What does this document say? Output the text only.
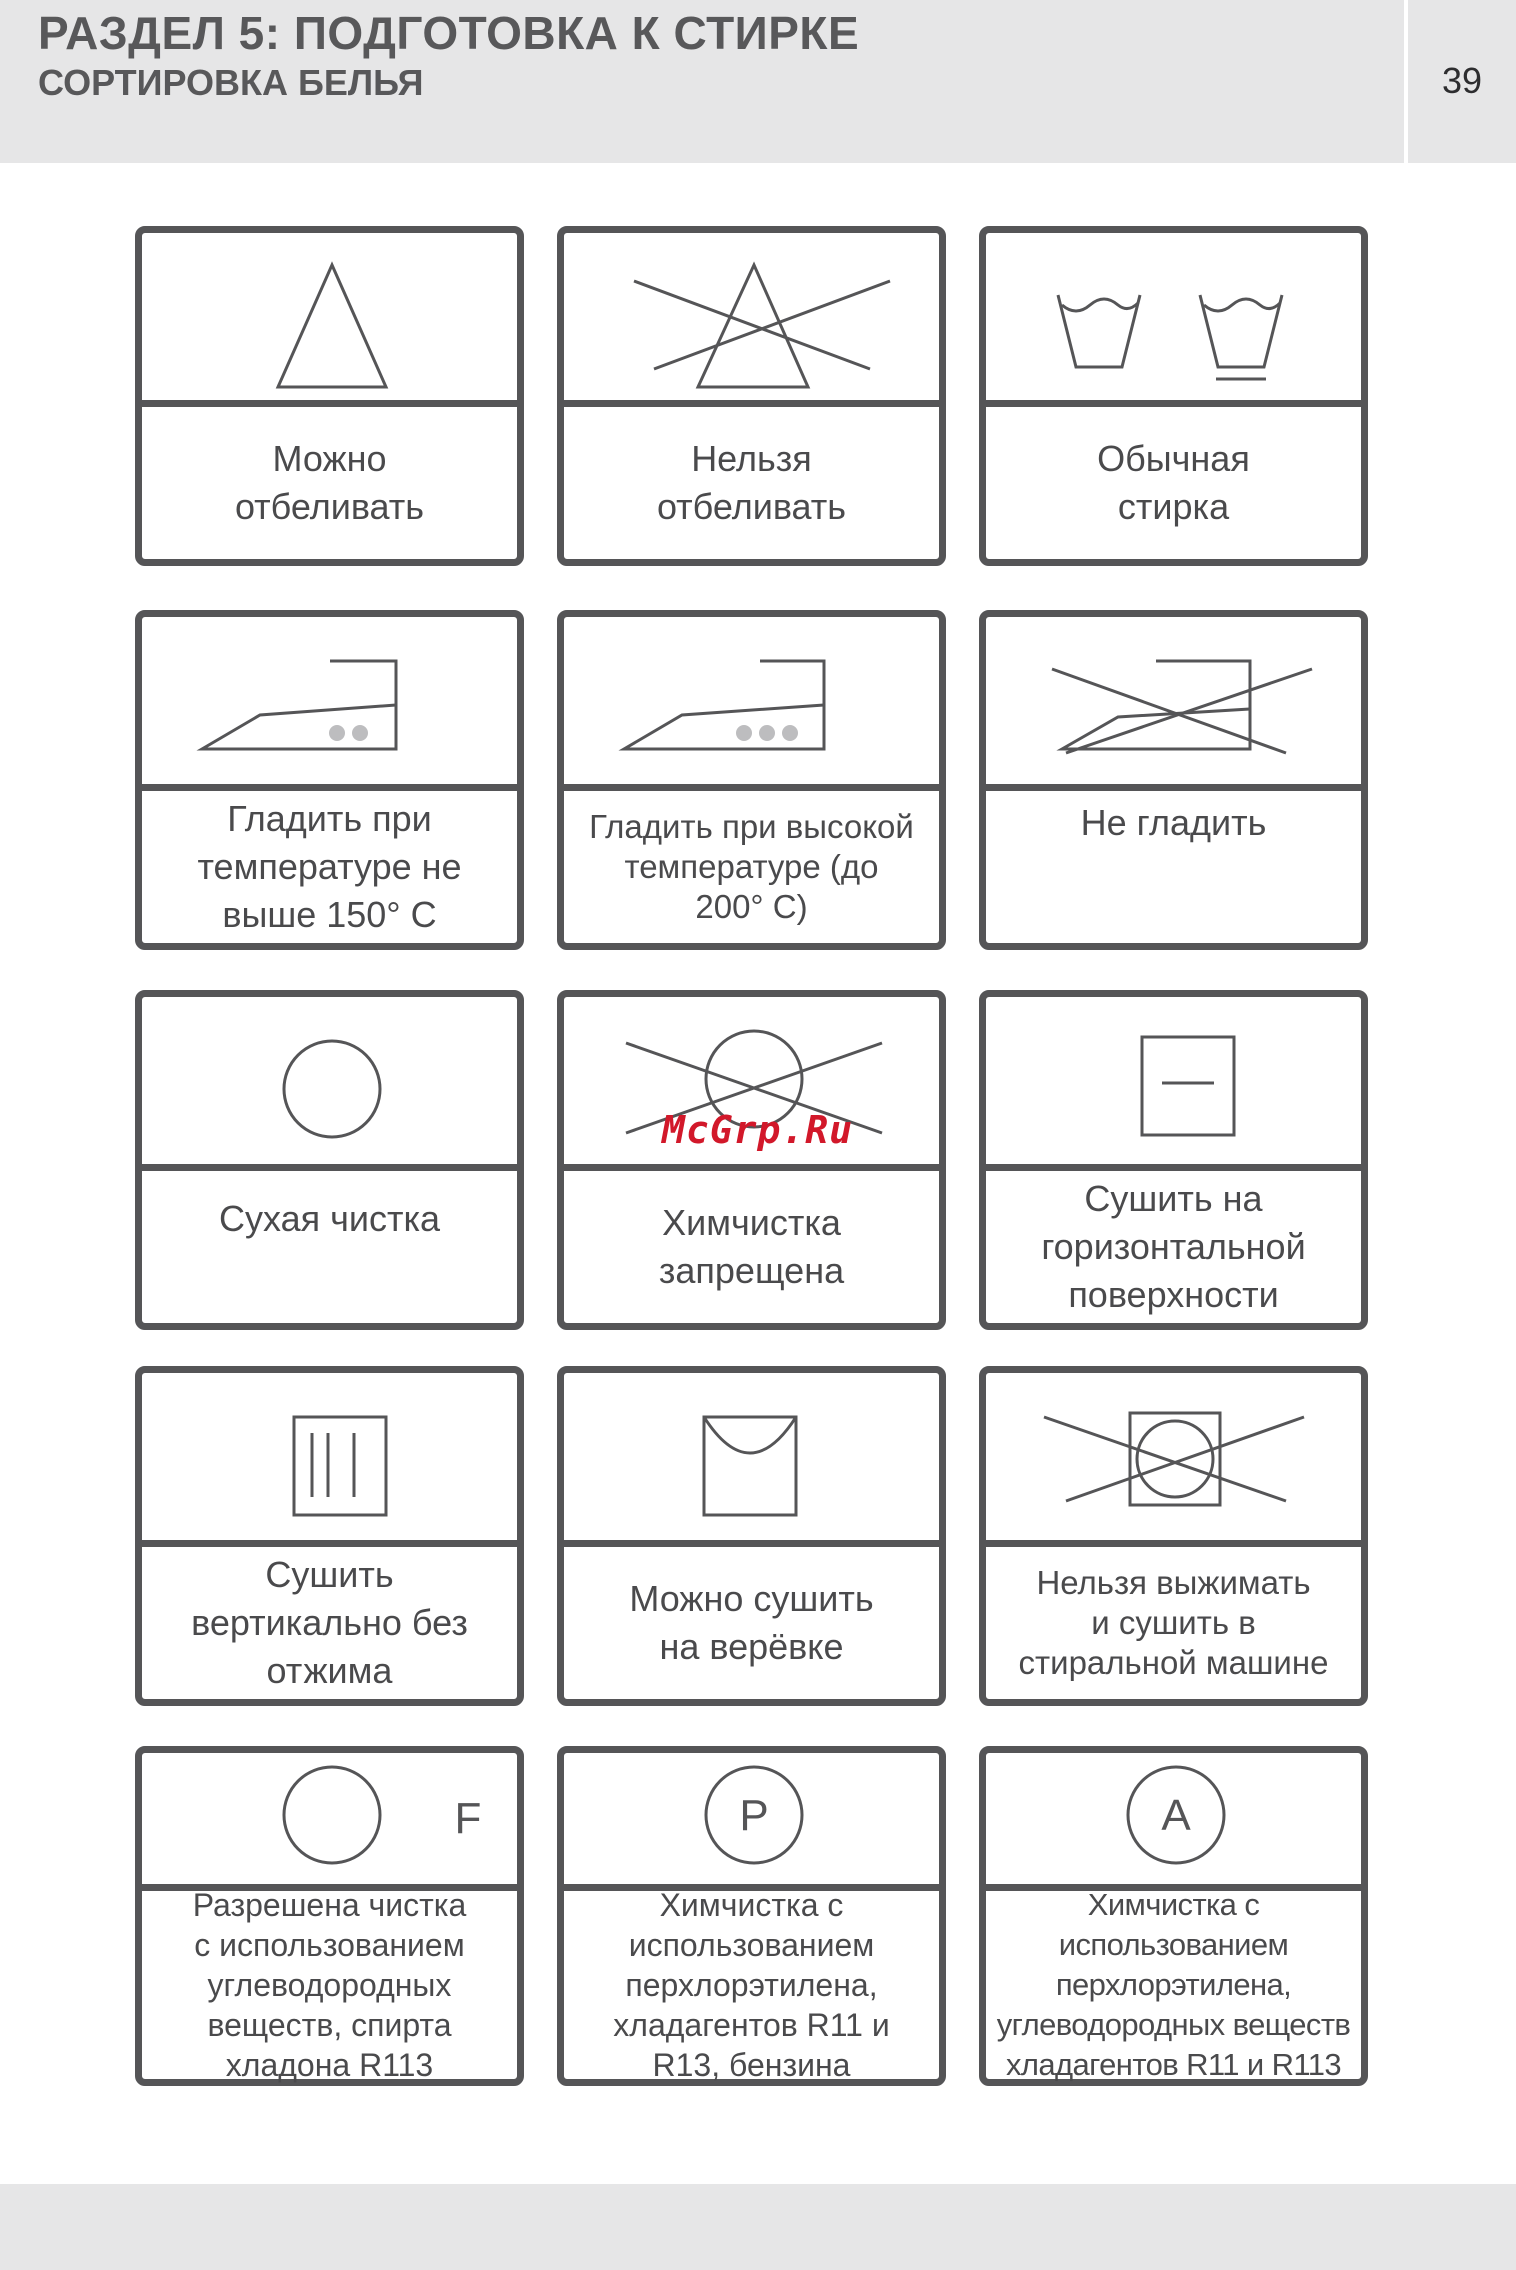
РАЗДЕЛ 5: ПОДГОТОВКА К СТИРКЕ
СОРТИРОВКА БЕЛЬЯ	39
Можно
отбеливать
Нельзя
отбеливать
Обычная
стирка
Гладить при
температуре не
выше 150° С
Гладить при высокой
температуре (до
200° С)
Не гладить
Сухая чистка	Химчистка
запрещена
Сушить на
горизонтальной
поверхности
Сушить
вертикально без
отжима
Можно сушить
на верёвке
Нельзя выжимать
и сушить в
стиральной машине
F
Разрешена чистка
с использованием
углеводородных
веществ, спирта
хладона R113
P
Химчистка с
использованием
перхлорэтилена,
хладагентов R11 и
R13, бензина
A
Химчистка с
использованием
перхлорэтилена,
углеводородных веществ
хладагентов R11 и R113
McGrp.Ru
